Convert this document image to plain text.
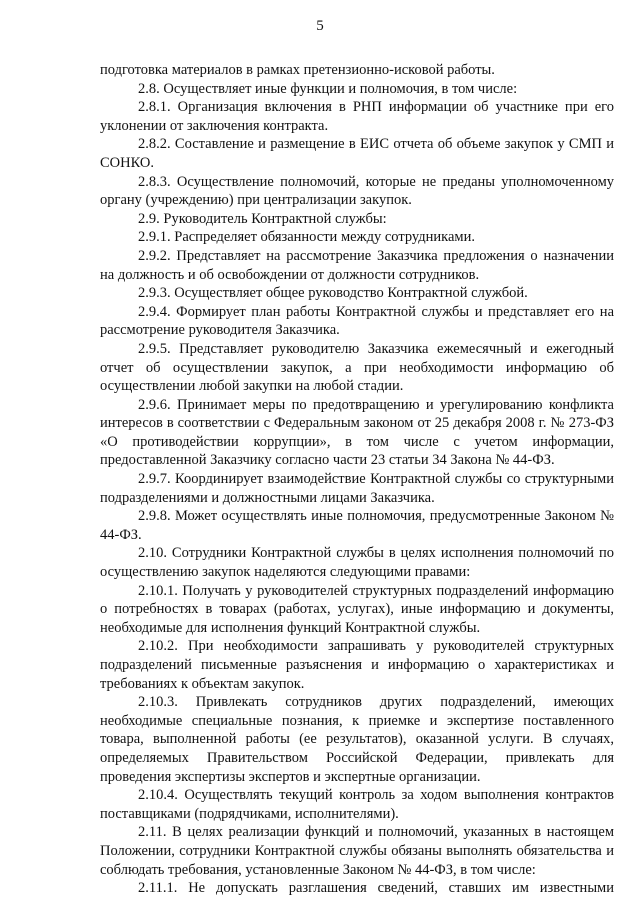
5

подготовка материалов в рамках претензионно-исковой работы.

2.8. Осуществляет иные функции и полномочия, в том числе:

2.8.1. Организация включения в РНП информации об участнике при его уклонении от заключения контракта.

2.8.2. Составление и размещение в ЕИС отчета об объеме закупок у СМП и СОНКО.

2.8.3. Осуществление полномочий, которые не преданы уполномоченному органу (учреждению) при централизации закупок.

2.9. Руководитель Контрактной службы:

2.9.1. Распределяет обязанности между сотрудниками.

2.9.2. Представляет на рассмотрение Заказчика предложения о назначении на должность и об освобождении от должности сотрудников.

2.9.3. Осуществляет общее руководство Контрактной службой.

2.9.4. Формирует план работы Контрактной службы и представляет его на рассмотрение руководителя Заказчика.

2.9.5. Представляет руководителю Заказчика ежемесячный и ежегодный отчет об осуществлении закупок, а при необходимости информацию об осуществлении любой закупки на любой стадии.

2.9.6. Принимает меры по предотвращению и урегулированию конфликта интересов в соответствии с Федеральным законом от 25 декабря 2008 г. № 273-ФЗ «О противодействии коррупции», в том числе с учетом информации, предоставленной Заказчику согласно части 23 статьи 34 Закона № 44-ФЗ.

2.9.7. Координирует взаимодействие Контрактной службы со структурными подразделениями и должностными лицами Заказчика.

2.9.8. Может осуществлять иные полномочия, предусмотренные Законом № 44-ФЗ.

2.10. Сотрудники Контрактной службы в целях исполнения полномочий по осуществлению закупок наделяются следующими правами:

2.10.1. Получать у руководителей структурных подразделений информацию о потребностях в товарах (работах, услугах), иные информацию и документы, необходимые для исполнения функций Контрактной службы.

2.10.2. При необходимости запрашивать у руководителей структурных подразделений письменные разъяснения и информацию о характеристиках и требованиях к объектам закупок.

2.10.3. Привлекать сотрудников других подразделений, имеющих необходимые специальные познания, к приемке и экспертизе поставленного товара, выполненной работы (ее результатов), оказанной услуги. В случаях, определяемых Правительством Российской Федерации, привлекать для проведения экспертизы экспертов и экспертные организации.

2.10.4. Осуществлять текущий контроль за ходом выполнения контрактов поставщиками (подрядчиками, исполнителями).

2.11. В целях реализации функций и полномочий, указанных в настоящем Положении, сотрудники Контрактной службы обязаны выполнять обязательства и соблюдать требования, установленные Законом № 44-ФЗ, в том числе:

2.11.1. Не допускать разглашения сведений, ставших им известными
